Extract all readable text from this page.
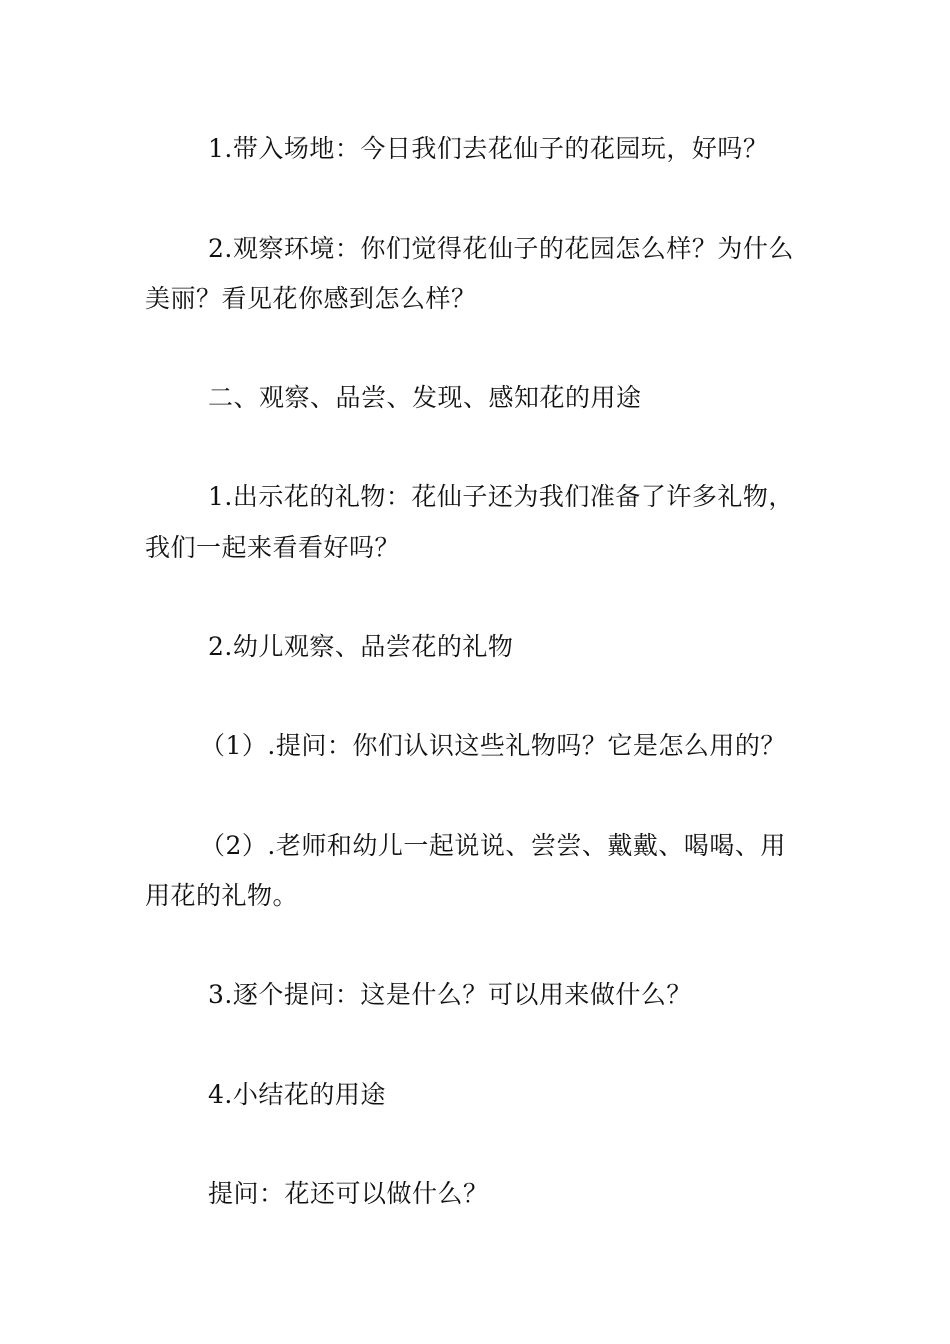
1.带入场地：今日我们去花仙子的花园玩，好吗？
2.观察环境：你们觉得花仙子的花园怎么样？为什么
美丽？看见花你感到怎么样？
二、观察、品尝、发现、感知花的用途
1.出示花的礼物：花仙子还为我们准备了许多礼物，
我们一起来看看好吗？
2.幼儿观察、品尝花的礼物
（1）.提问：你们认识这些礼物吗？它是怎么用的？
（2）.老师和幼儿一起说说、尝尝、戴戴、喝喝、用
用花的礼物。
3.逐个提问：这是什么？可以用来做什么？
4.小结花的用途
提问：花还可以做什么？
